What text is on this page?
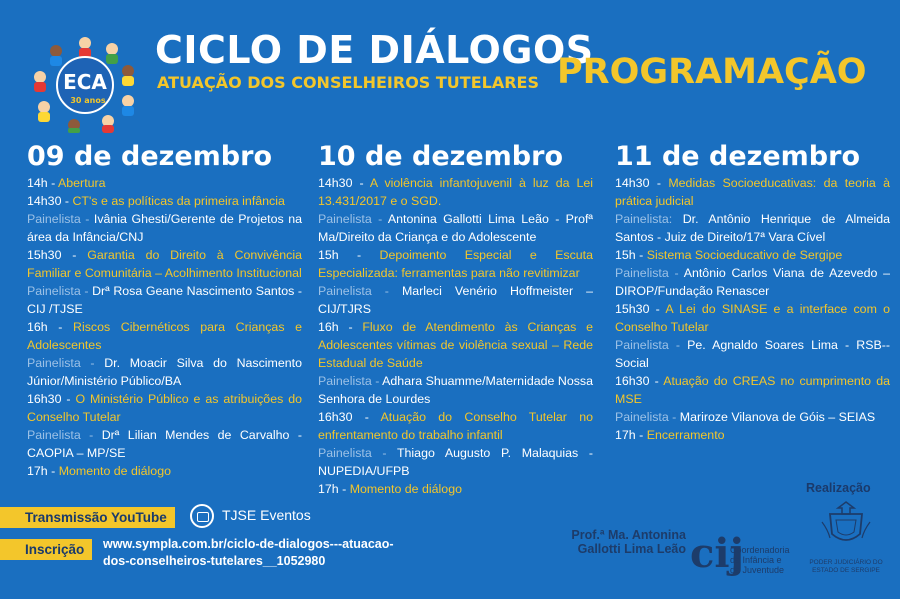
ECA
30 anos
CICLO DE DIÁLOGOS
ATUAÇÃO DOS CONSELHEIROS TUTELARES PROGRAMAÇÃO
09 de dezembro
14h - Abertura
14h30 - CT's e as políticas da primeira infância
Painelista - Ivânia Ghesti/Gerente de Projetos na área da Infância/CNJ
15h30 - Garantia do Direito à Convivência Familiar e Comunitária – Acolhimento Institucional
Painelista - Drª Rosa Geane Nascimento Santos - CIJ /TJSE
16h - Riscos Cibernéticos para Crianças e Adolescentes
Painelista - Dr. Moacir Silva do Nascimento Júnior/Ministério Público/BA
16h30 - O Ministério Público e as atribuições do Conselho Tutelar
Painelista - Drª Lilian Mendes de Carvalho - CAOPIA – MP/SE
17h - Momento de diálogo
10 de dezembro
14h30 - A violência infantojuvenil à luz da Lei 13.431/2017 e o SGD.
Painelista - Antonina Gallotti Lima Leão - Profª Ma/Direito da Criança e do Adolescente
15h - Depoimento Especial e Escuta Especializada: ferramentas para não revitimizar
Painelista - Marleci Venério Hoffmeister – CIJ/TJRS
16h - Fluxo de Atendimento às Crianças e Adolescentes vítimas de violência sexual – Rede Estadual de Saúde
Painelista - Adhara Shuamme/Maternidade Nossa Senhora de Lourdes
16h30 - Atuação do Conselho Tutelar no enfrentamento do trabalho infantil
Painelista - Thiago Augusto P. Malaquias - NUPEDIA/UFPB
17h - Momento de diálogo
11 de dezembro
14h30 - Medidas Socioeducativas: da teoria à prática judicial
Painelista: Dr. Antônio Henrique de Almeida Santos - Juiz de Direito/17ª Vara Cível
15h - Sistema Socioeducativo de Sergipe
Painelista - Antônio Carlos Viana de Azevedo – DIROP/Fundação Renascer
15h30 - A Lei do SINASE e a interface com o Conselho Tutelar
Painelista - Pe. Agnaldo Soares Lima - RSB--Social
16h30 - Atuação do CREAS no cumprimento da MSE
Painelista - Mariroze Vilanova de Góis – SEIAS
17h - Encerramento
Transmissão YouTube	TJSE Eventos
Inscrição	www.sympla.com.br/ciclo-de-dialogos---atuacao-
dos-conselheiros-tutelares__1052980
Realização
Prof.ª Ma. Antonina Gallotti Lima Leão cij
Coordenadoria
da Infância e
da Juventude
PODER JUDICIÁRIO DO ESTADO DE SERGIPE
